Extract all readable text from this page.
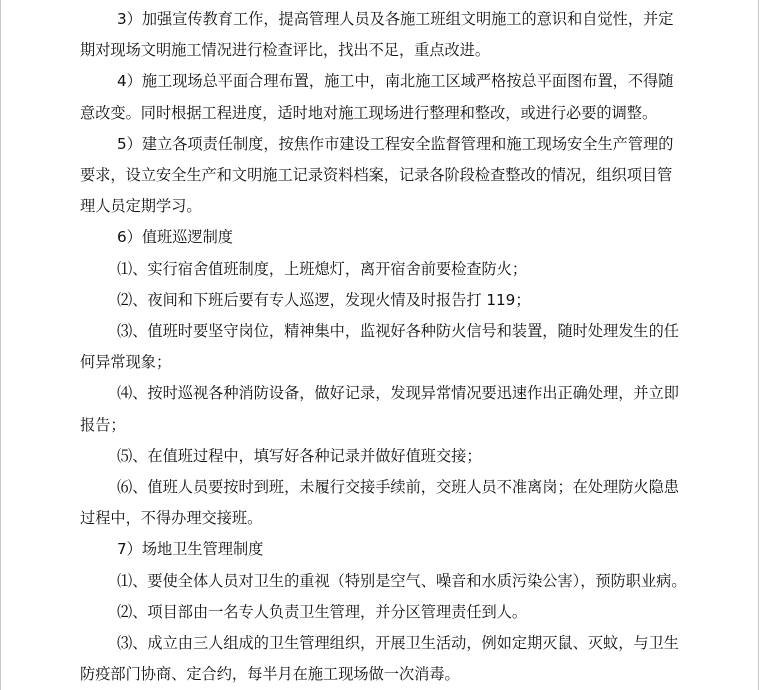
3）加强宣传教育工作，提高管理人员及各施工班组文明施工的意识和自觉性，并定

期对现场文明施工情况进行检查评比，找出不足，重点改进。

4）施工现场总平面合理布置，施工中，南北施工区域严格按总平面图布置，不得随

意改变。同时根据工程进度，适时地对施工现场进行整理和整改，或进行必要的调整。

5）建立各项责任制度，按焦作市建设工程安全监督管理和施工现场安全生产管理的

要求，设立安全生产和文明施工记录资料档案，记录各阶段检查整改的情况，组织项目管

理人员定期学习。

6）值班巡逻制度

⑴、实行宿舍值班制度，上班熄灯，离开宿舍前要检查防火；

⑵、夜间和下班后要有专人巡逻，发现火情及时报告打 119；

⑶、值班时要坚守岗位，精神集中，监视好各种防火信号和装置，随时处理发生的任

何异常现象；

⑷、按时巡视各种消防设备，做好记录，发现异常情况要迅速作出正确处理，并立即

报告；

⑸、在值班过程中，填写好各种记录并做好值班交接；

⑹、值班人员要按时到班，未履行交接手续前，交班人员不准离岗；在处理防火隐患

过程中，不得办理交接班。

7）场地卫生管理制度

⑴、要使全体人员对卫生的重视（特别是空气、噪音和水质污染公害），预防职业病。

⑵、项目部由一名专人负责卫生管理，并分区管理责任到人。

⑶、成立由三人组成的卫生管理组织，开展卫生活动，例如定期灭鼠、灭蚊，与卫生

防疫部门协商、定合约，每半月在施工现场做一次消毒。
